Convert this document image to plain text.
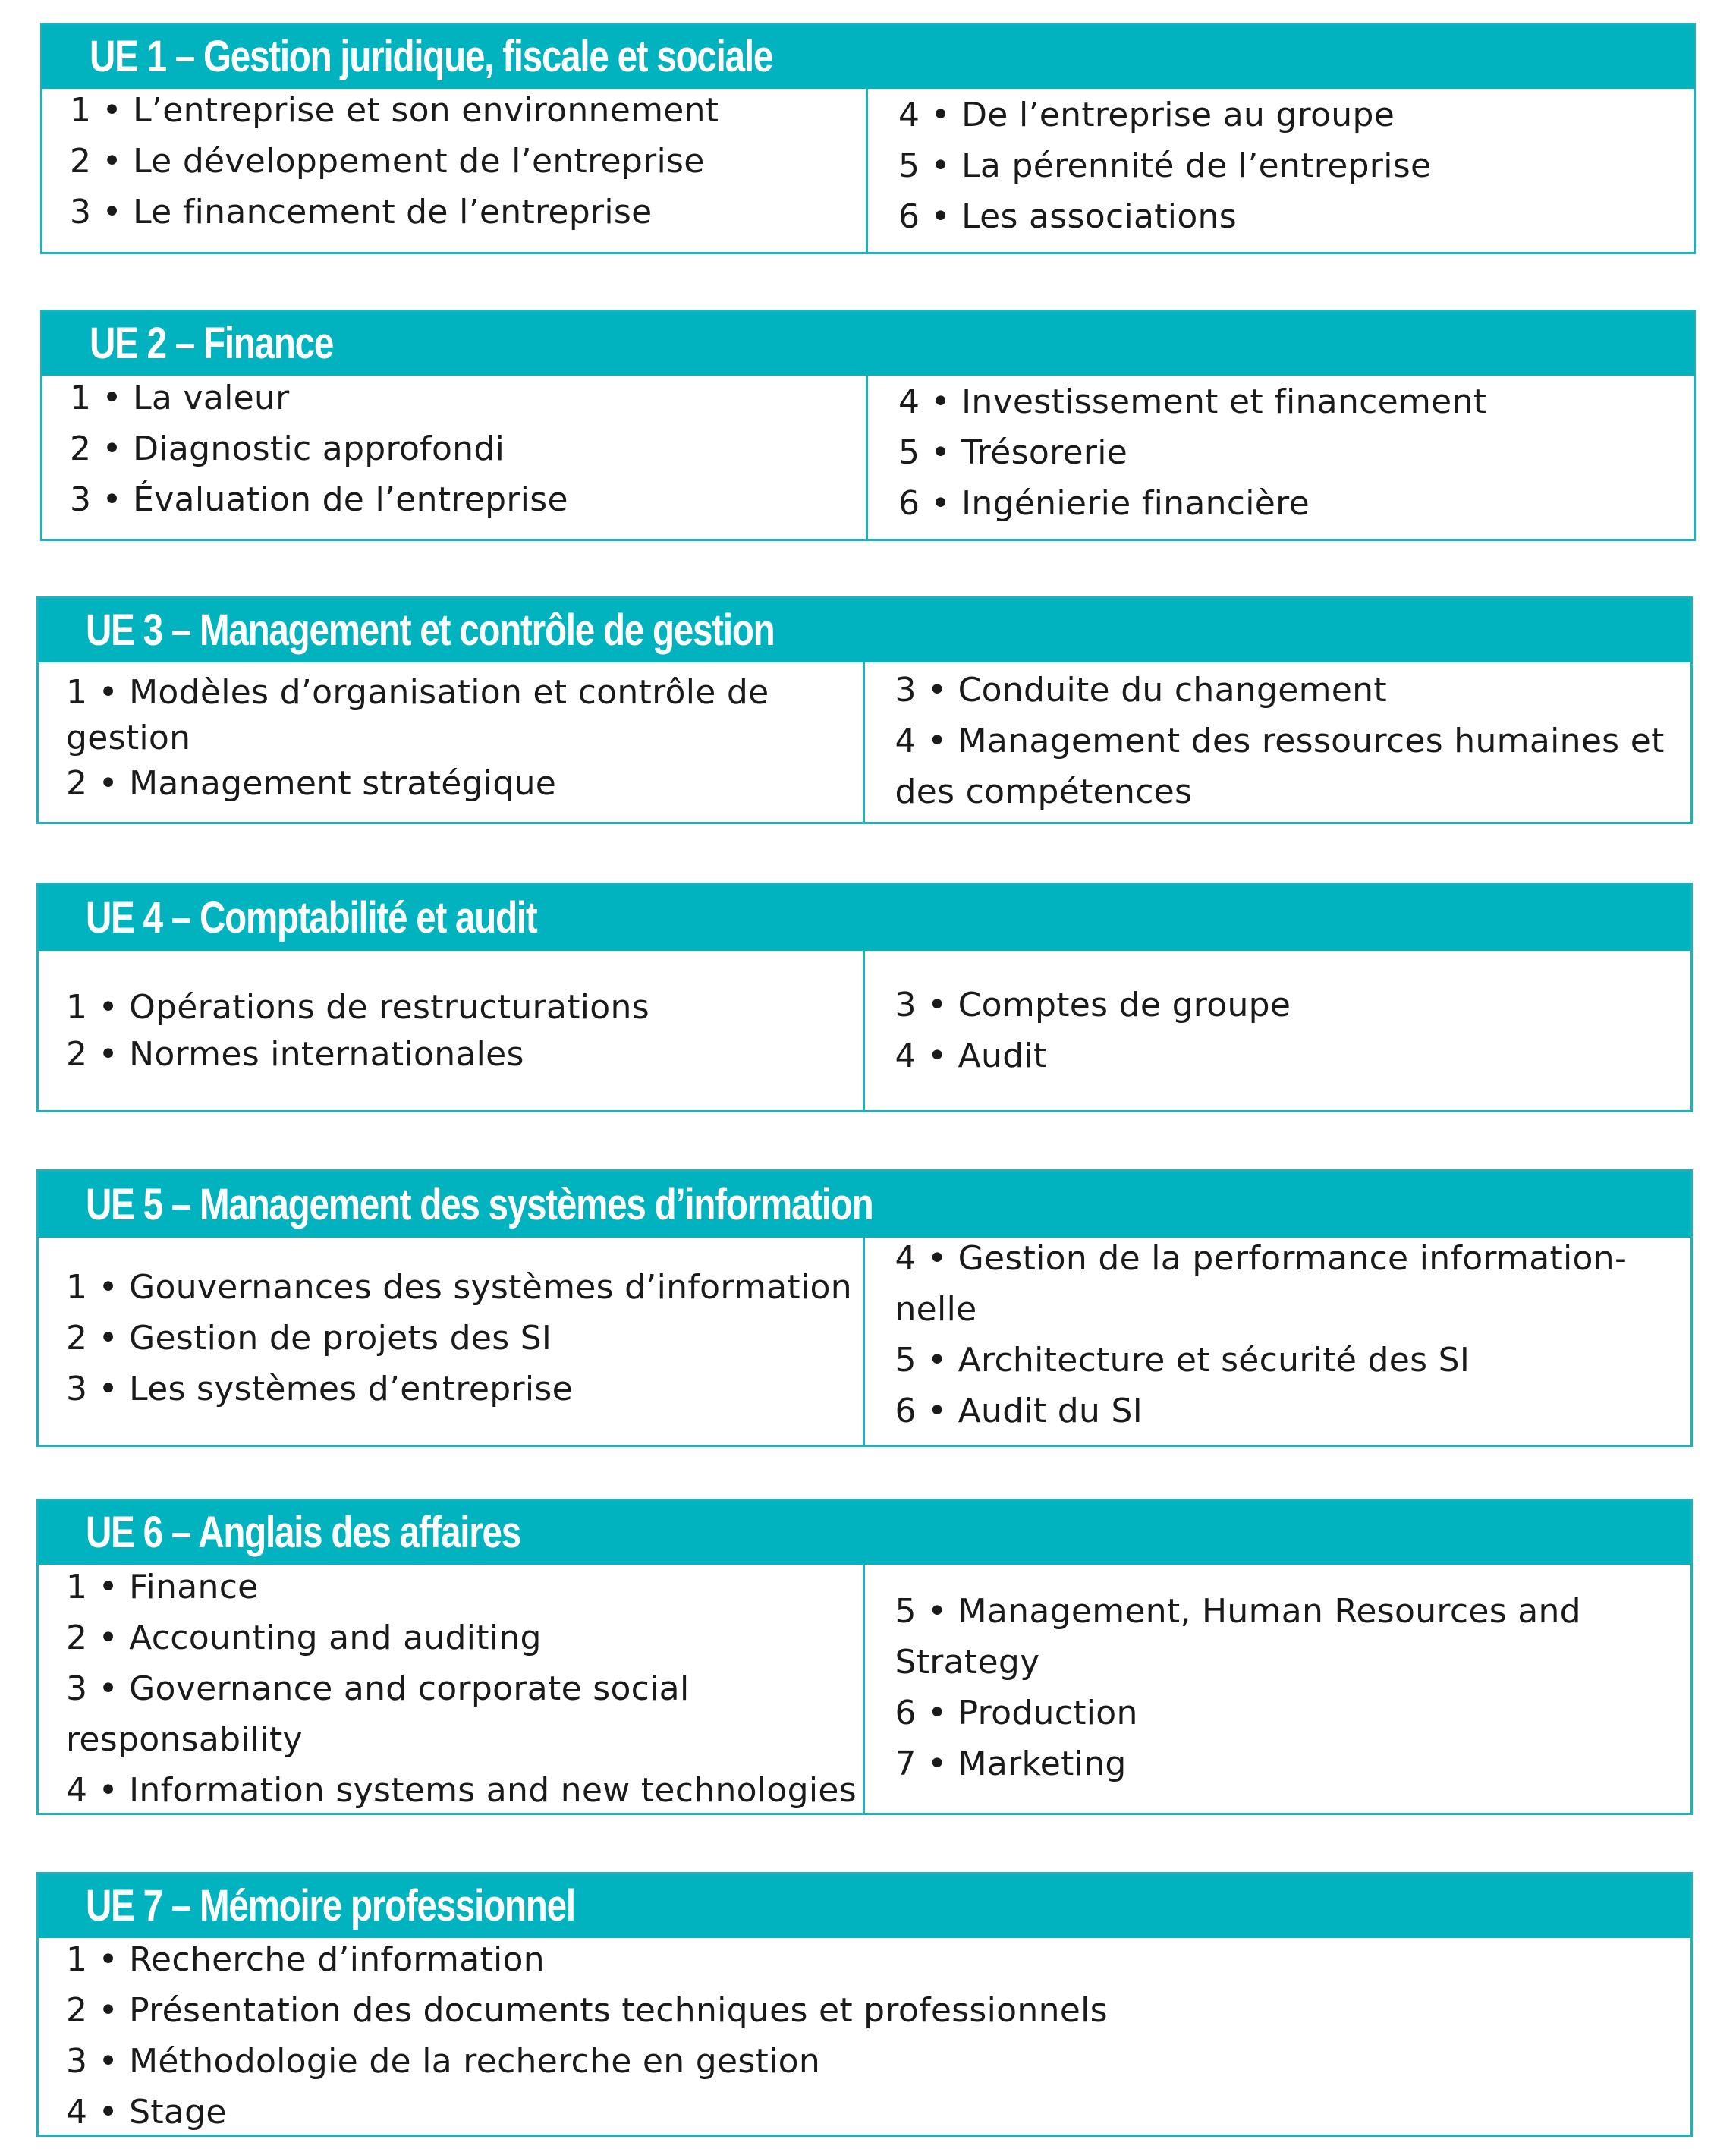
UE 1 – Gestion juridique, fiscale et sociale
1 • L’entreprise et son environnement
2 • Le développement de l’entreprise
3 • Le financement de l’entreprise
4 • De l’entreprise au groupe
5 • La pérennité de l’entreprise
6 • Les associations
UE 2 – Finance
1 • La valeur
2 • Diagnostic approfondi
3 • Évaluation de l’entreprise
4 • Investissement et financement
5 • Trésorerie
6 • Ingénierie financière
UE 3 – Management et contrôle de gestion
1 • Modèles d’organisation et contrôle de gestion
2 • Management stratégique
3 • Conduite du changement
4 • Management des ressources humaines et des compétences
UE 4 – Comptabilité et audit
1 • Opérations de restructurations
2 • Normes internationales
3 • Comptes de groupe
4 • Audit
UE 5 – Management des systèmes d’information
1 • Gouvernances des systèmes d’information
2 • Gestion de projets des SI
3 • Les systèmes d’entreprise
4 • Gestion de la performance information-nelle
5 • Architecture et sécurité des SI
6 • Audit du SI
UE 6 – Anglais des affaires
1 • Finance
2 • Accounting and auditing
3 • Governance and corporate social responsability
4 • Information systems and new technologies
5 • Management, Human Resources and Strategy
6 • Production
7 • Marketing
UE 7 – Mémoire professionnel
1 • Recherche d’information
2 • Présentation des documents techniques et professionnels
3 • Méthodologie de la recherche en gestion
4 • Stage
